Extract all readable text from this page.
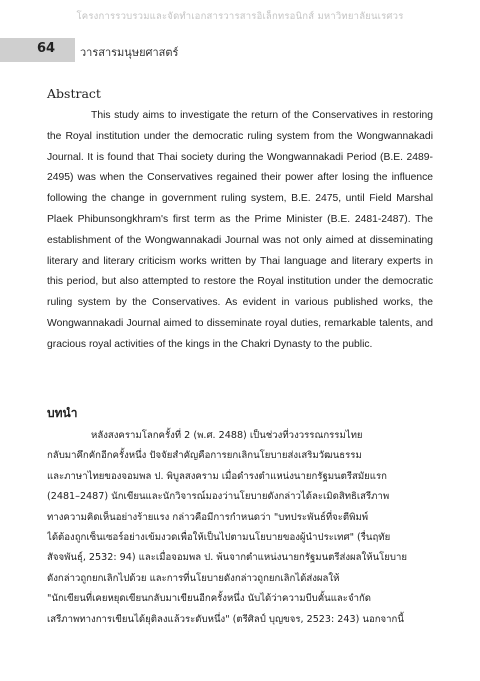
โครงการรวบรวมและจัดทำเอกสารวารสารอิเล็กทรอนิกส์ มหาวิทยาลัยนเรศวร
64 วารสารมนุษยศาสตร์
Abstract
This study aims to investigate the return of the Conservatives in restoring the Royal institution under the democratic ruling system from the Wongwannakadi Journal. It is found that Thai society during the Wongwannakadi Period (B.E. 2489-2495) was when the Conservatives regained their power after losing the influence following the change in government ruling system, B.E. 2475, until Field Marshal Plaek Phibunsongkhram's first term as the Prime Minister (B.E. 2481-2487). The establishment of the Wongwannakadi Journal was not only aimed at disseminating literary and literary criticism works written by Thai language and literary experts in this period, but also attempted to restore the Royal institution under the democratic ruling system by the Conservatives. As evident in various published works, the Wongwannakadi Journal aimed to disseminate royal duties, remarkable talents, and gracious royal activities of the kings in the Chakri Dynasty to the public.
บทนำ
หลังสงครามโลกครั้งที่ 2 (พ.ศ. 2488) เป็นช่วงที่วงวรรณกรรมไทย
กลับมาคึกคักอีกครั้งหนึ่ง ปัจจัยสำคัญคือการยกเลิกนโยบายส่งเสริมวัฒนธรรม
และภาษาไทยของจอมพล ป. พิบูลสงคราม เมื่อดำรงตำแหน่งนายกรัฐมนตรีสมัยแรก
(2481–2487) นักเขียนและนักวิจารณ์มองว่านโยบายดังกล่าวได้ละเมิดสิทธิเสรีภาพ
ทางความคิดเห็นอย่างร้ายแรง กล่าวคือมีการกำหนดว่า "บทประพันธ์ที่จะตีพิมพ์
ได้ต้องถูกเซ็นเซอร์อย่างเข้มงวดเพื่อให้เป็นไปตามนโยบายของผู้นำประเทศ" (รื่นฤทัย
สัจจพันธุ์, 2532: 94) และเมื่อจอมพล ป. พ้นจากตำแหน่งนายกรัฐมนตรีส่งผลให้นโยบาย
ดังกล่าวถูกยกเลิกไปด้วย และการที่นโยบายดังกล่าวถูกยกเลิกได้ส่งผลให้
"นักเขียนที่เคยหยุดเขียนกลับมาเขียนอีกครั้งหนึ่ง นับได้ว่าความบีบคั้นและจำกัด
เสรีภาพทางการเขียนได้ยุติลงแล้วระดับหนึ่ง" (ตรีศิลป์ บุญขจร, 2523: 243) นอกจากนี้
